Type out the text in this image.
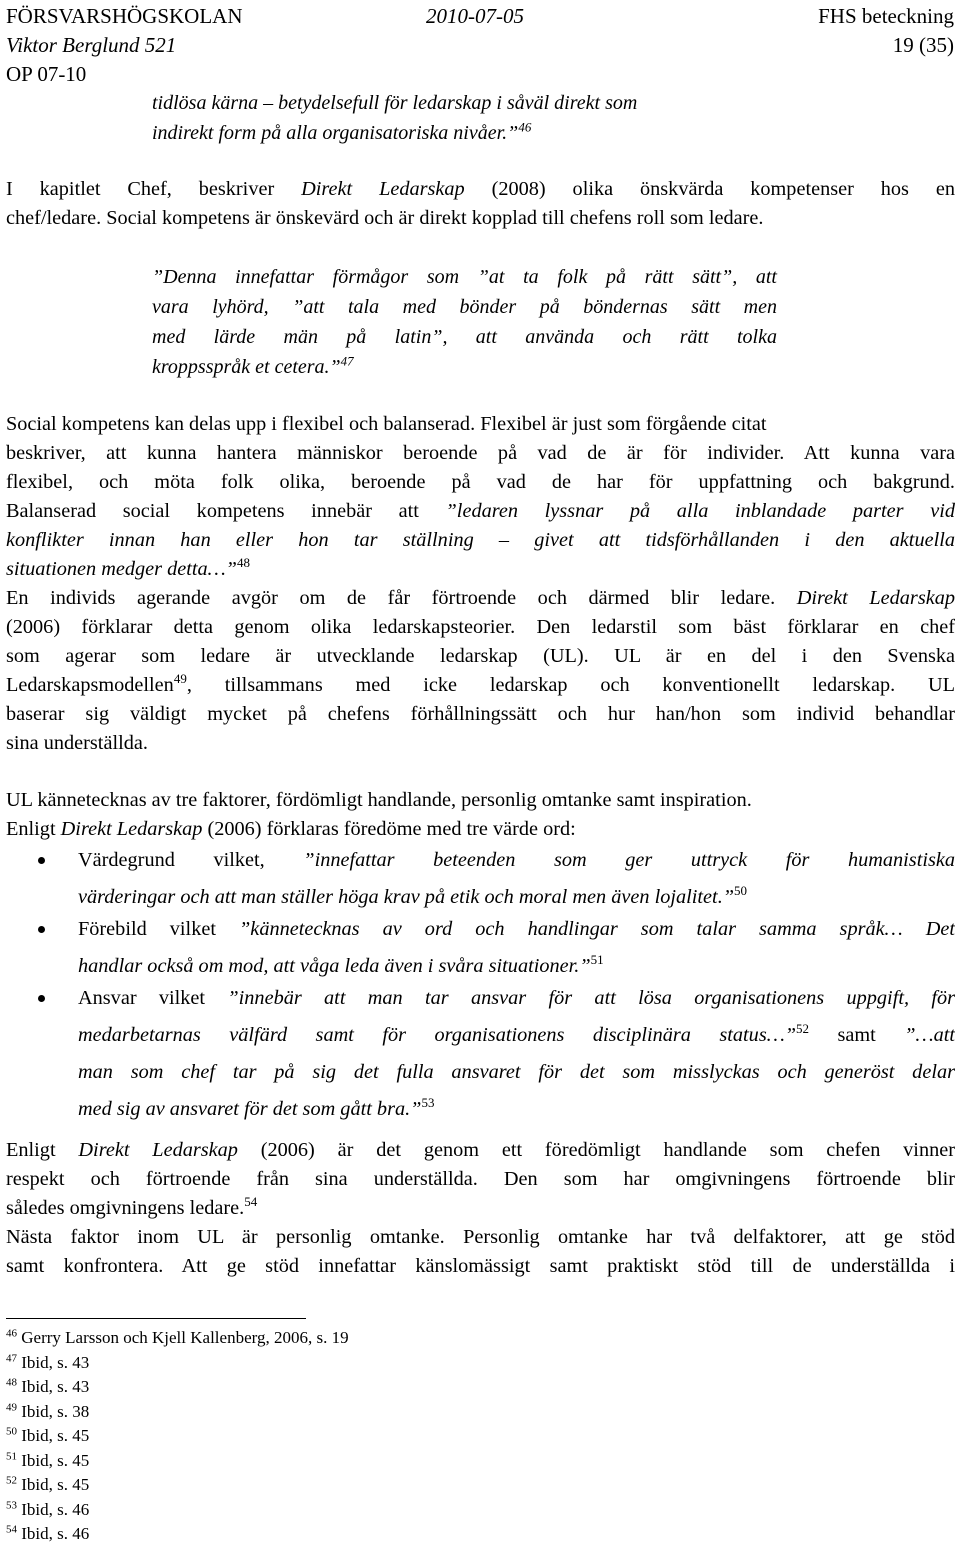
FÖRSVARSHÖGSKOLAN	2010-07-05	FHS beteckning
Viktor Berglund 521	19 (35)
OP 07-10
tidlösa kärna – betydelsefull för ledarskap i såväl direkt som
indirekt form på alla organisatoriska nivåer.”$^{46}$
I kapitlet Chef, beskriver Direkt Ledarskap (2008) olika önskvärda kompetenser hos en
chef/ledare. Social kompetens är önskevärd och är direkt kopplad till chefens roll som ledare.
”Denna innefattar förmågor som ”at ta folk på rätt sätt”, att
vara lyhörd, ”att tala med bönder på böndernas sätt men
med lärde män på latin”, att använda och rätt tolka
kroppsspråk et cetera.”$^{47}$
Social kompetens kan delas upp i flexibel och balanserad. Flexibel är just som förgående citat
beskriver, att kunna hantera människor beroende på vad de är för individer. Att kunna vara
flexibel, och möta folk olika, beroende på vad de har för uppfattning och bakgrund.
Balanserad social kompetens innebär att ”ledaren lyssnar på alla inblandade parter vid
konflikter innan han eller hon tar ställning – givet att tidsförhållanden i den aktuella
situationen medger detta…”$^{48}$
En individs agerande avgör om de får förtroende och därmed blir ledare. Direkt Ledarskap
(2006) förklarar detta genom olika ledarskapsteorier. Den ledarstil som bäst förklarar en chef
som agerar som ledare är utvecklande ledarskap (UL). UL är en del i den Svenska
Ledarskapsmodellen$^{49}$, tillsammans med icke ledarskap och konventionellt ledarskap. UL
baserar sig väldigt mycket på chefens förhållningssätt och hur han/hon som individ behandlar
sina underställda.
UL kännetecknas av tre faktorer, fördömligt handlande, personlig omtanke samt inspiration.
Enligt Direkt Ledarskap (2006) förklaras föredöme med tre värde ord:
Värdegrund vilket, ”innefattar beteenden som ger uttryck för humanistiska
värderingar och att man ställer höga krav på etik och moral men även lojalitet.”$^{50}$
Förebild vilket ”kännetecknas av ord och handlingar som talar samma språk… Det
handlar också om mod, att våga leda även i svåra situationer.”$^{51}$
Ansvar vilket ”innebär att man tar ansvar för att lösa organisationens uppgift, för
medarbetarnas välfärd samt för organisationens disciplinära status…”$^{52}$ samt ”…att
man som chef tar på sig det fulla ansvaret för det som misslyckas och generöst delar
med sig av ansvaret för det som gått bra.”$^{53}$
Enligt Direkt Ledarskap (2006) är det genom ett föredömligt handlande som chefen vinner
respekt och förtroende från sina underställda. Den som har omgivningens förtroende blir
således omgivningens ledare.$^{54}$
Nästa faktor inom UL är personlig omtanke. Personlig omtanke har två delfaktorer, att ge stöd
samt konfrontera. Att ge stöd innefattar känslomässigt samt praktiskt stöd till de underställda i
$^{46}$ Gerry Larsson och Kjell Kallenberg, 2006, s. 19
$^{47}$ Ibid, s. 43
$^{48}$ Ibid, s. 43
$^{49}$ Ibid, s. 38
$^{50}$ Ibid, s. 45
$^{51}$ Ibid, s. 45
$^{52}$ Ibid, s. 45
$^{53}$ Ibid, s. 46
$^{54}$ Ibid, s. 46
